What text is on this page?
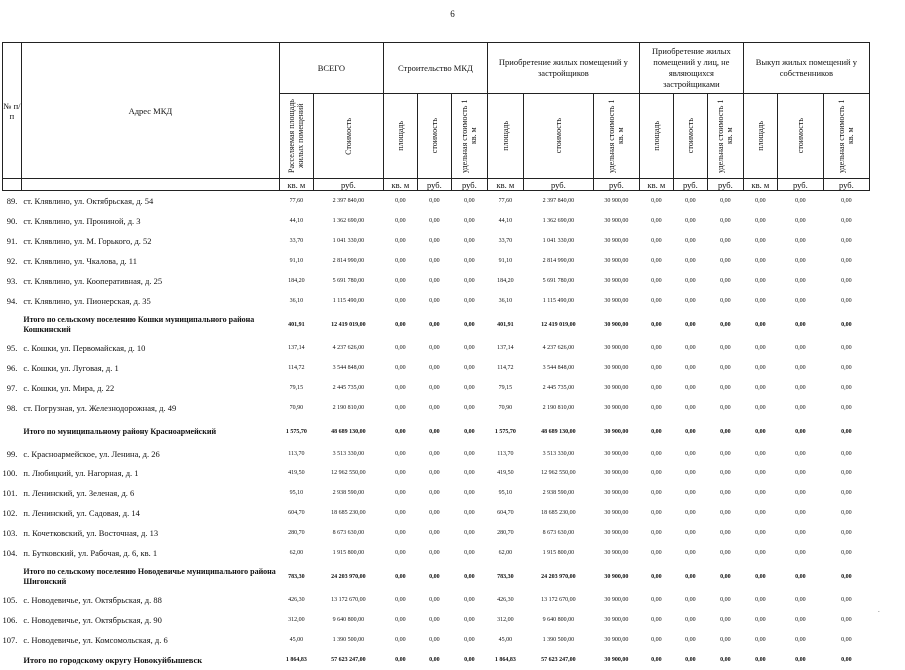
6
№ п/п	Адрес МКД	ВСЕГО		Строительство МКД			Приобретение жилых помещений у застройщиков			Приобретение жилых помещений у лиц, не являющихся застройщиками			Выкуп жилых помещений у собственников		

		Расселяемая площадь жилых помещений	Стоимость	площадь	стоимость	удельная стоимость 1 кв. м	площадь	стоимость	удельная стоимость 1 кв. м	площадь	стоимость	удельная стоимость 1 кв. м	площадь	стоимость	удельная стоимость 1 кв. м

		кв. м	руб.	кв. м	руб.	руб.	кв. м	руб.	руб.	кв. м	руб.	руб.	кв. м	руб.	руб.
89.	ст. Клявлино, ул. Октябрьская, д. 54	77,60	2 397 840,00	0,00	0,00	0,00	77,60	2 397 840,00	30 900,00	0,00	0,00	0,00	0,00	0,00	0,00
90.	ст. Клявлино, ул. Прониной, д. 3	44,10	1 362 690,00	0,00	0,00	0,00	44,10	1 362 690,00	30 900,00	0,00	0,00	0,00	0,00	0,00	0,00
91.	ст. Клявлино, ул. М. Горького, д. 52	33,70	1 041 330,00	0,00	0,00	0,00	33,70	1 041 330,00	30 900,00	0,00	0,00	0,00	0,00	0,00	0,00
92.	ст. Клявлино, ул. Чкалова, д. 11	91,10	2 814 990,00	0,00	0,00	0,00	91,10	2 814 990,00	30 900,00	0,00	0,00	0,00	0,00	0,00	0,00
93.	ст. Клявлино, ул. Кооперативная, д. 25	184,20	5 691 780,00	0,00	0,00	0,00	184,20	5 691 780,00	30 900,00	0,00	0,00	0,00	0,00	0,00	0,00
94.	ст. Клявлино, ул. Пионерская, д. 35	36,10	1 115 490,00	0,00	0,00	0,00	36,10	1 115 490,00	30 900,00	0,00	0,00	0,00	0,00	0,00	0,00
	Итого по сельскому поселению Кошки муниципального района Кошкинский	401,91	12 419 019,00	0,00	0,00	0,00	401,91	12 419 019,00	30 900,00	0,00	0,00	0,00	0,00	0,00	0,00
95.	с. Кошки, ул. Первомайская, д. 10	137,14	4 237 626,00	0,00	0,00	0,00	137,14	4 237 626,00	30 900,00	0,00	0,00	0,00	0,00	0,00	0,00
96.	с. Кошки, ул. Луговая, д. 1	114,72	3 544 848,00	0,00	0,00	0,00	114,72	3 544 848,00	30 900,00	0,00	0,00	0,00	0,00	0,00	0,00
97.	с. Кошки, ул. Мира, д. 22	79,15	2 445 735,00	0,00	0,00	0,00	79,15	2 445 735,00	30 900,00	0,00	0,00	0,00	0,00	0,00	0,00
98.	ст. Погрузная, ул. Железнодорожная, д. 49	70,90	2 190 810,00	0,00	0,00	0,00	70,90	2 190 810,00	30 900,00	0,00	0,00	0,00	0,00	0,00	0,00
	Итого по муниципальному району Красноармейский	1 575,70	48 689 130,00	0,00	0,00	0,00	1 575,70	48 689 130,00	30 900,00	0,00	0,00	0,00	0,00	0,00	0,00
99.	с. Красноармейское, ул. Ленина, д. 26	113,70	3 513 330,00	0,00	0,00	0,00	113,70	3 513 330,00	30 900,00	0,00	0,00	0,00	0,00	0,00	0,00
100.	п. Любицкий, ул. Нагорная, д. 1	419,50	12 962 550,00	0,00	0,00	0,00	419,50	12 962 550,00	30 900,00	0,00	0,00	0,00	0,00	0,00	0,00
101.	п. Ленинский, ул. Зеленая, д. 6	95,10	2 938 590,00	0,00	0,00	0,00	95,10	2 938 590,00	30 900,00	0,00	0,00	0,00	0,00	0,00	0,00
102.	п. Ленинский, ул. Садовая, д. 14	604,70	18 685 230,00	0,00	0,00	0,00	604,70	18 685 230,00	30 900,00	0,00	0,00	0,00	0,00	0,00	0,00
103.	п. Кочетковский, ул. Восточная, д. 13	280,70	8 673 630,00	0,00	0,00	0,00	280,70	8 673 630,00	30 900,00	0,00	0,00	0,00	0,00	0,00	0,00
104.	п. Бутковский, ул. Рабочая, д. 6, кв. 1	62,00	1 915 800,00	0,00	0,00	0,00	62,00	1 915 800,00	30 900,00	0,00	0,00	0,00	0,00	0,00	0,00
	Итого по сельскому поселению Новодевичье муниципального района Шигонский	783,30	24 203 970,00	0,00	0,00	0,00	783,30	24 203 970,00	30 900,00	0,00	0,00	0,00	0,00	0,00	0,00
105.	с. Новодевичье, ул. Октябрьская, д. 88	426,30	13 172 670,00	0,00	0,00	0,00	426,30	13 172 670,00	30 900,00	0,00	0,00	0,00	0,00	0,00	0,00
106.	с. Новодевичье, ул. Октябрьская, д. 90	312,00	9 640 800,00	0,00	0,00	0,00	312,00	9 640 800,00	30 900,00	0,00	0,00	0,00	0,00	0,00	0,00
107.	с. Новодевичье, ул. Комсомольская, д. 6	45,00	1 390 500,00	0,00	0,00	0,00	45,00	1 390 500,00	30 900,00	0,00	0,00	0,00	0,00	0,00	0,00
	Итого по городскому округу Новокуйбышевск	1 864,83	57 623 247,00	0,00	0,00	0,00	1 864,83	57 623 247,00	30 900,00	0,00	0,00	0,00	0,00	0,00	0,00
.
